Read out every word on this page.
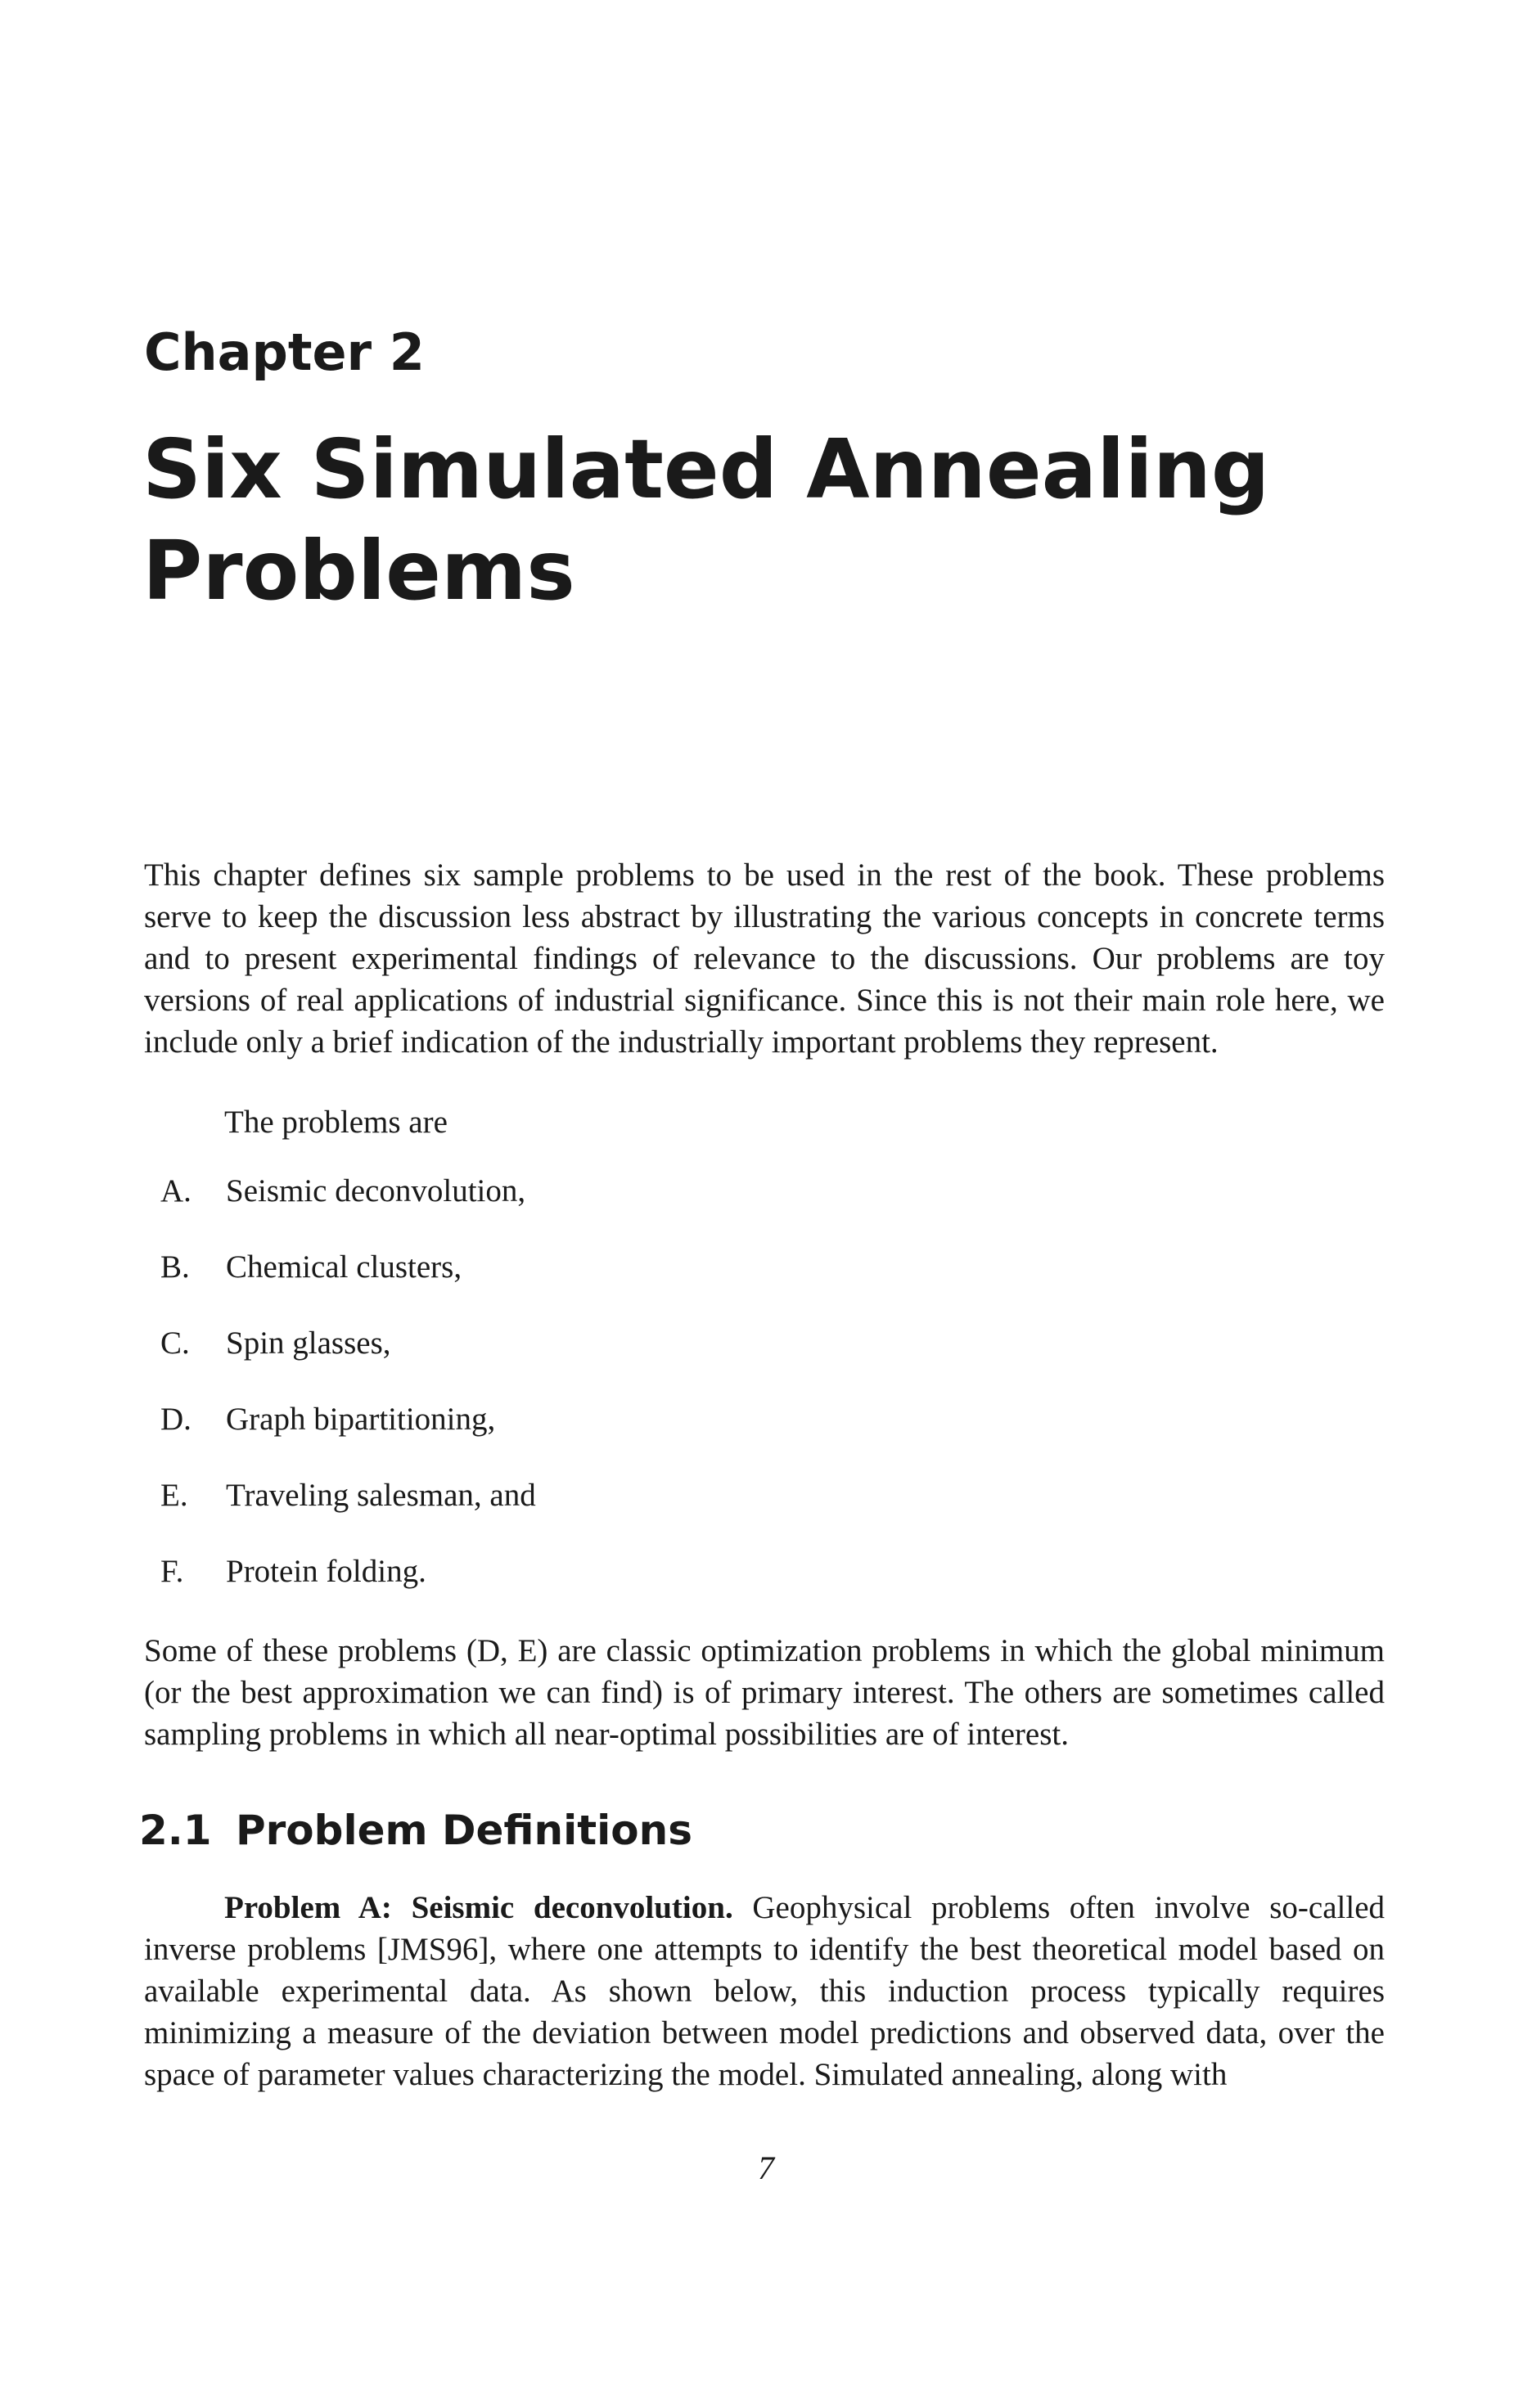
Chapter 2
Six Simulated Annealing Problems

This chapter defines six sample problems to be used in the rest of the book. These problems serve to keep the discussion less abstract by illustrating the various concepts in concrete terms and to present experimental findings of relevance to the discussions. Our problems are toy versions of real applications of industrial significance. Since this is not their main role here, we include only a brief indication of the industrially important problems they represent.

The problems are

A. Seismic deconvolution,
B. Chemical clusters,
C. Spin glasses,
D. Graph bipartitioning,
E. Traveling salesman, and
F. Protein folding.

Some of these problems (D, E) are classic optimization problems in which the global minimum (or the best approximation we can find) is of primary interest. The others are sometimes called sampling problems in which all near-optimal possibilities are of interest.

2.1 Problem Definitions

Problem A: Seismic deconvolution. Geophysical problems often involve so-called inverse problems [JMS96], where one attempts to identify the best theoretical model based on available experimental data. As shown below, this induction process typically requires minimizing a measure of the deviation between model predictions and observed data, over the space of parameter values characterizing the model. Simulated annealing, along with

7
